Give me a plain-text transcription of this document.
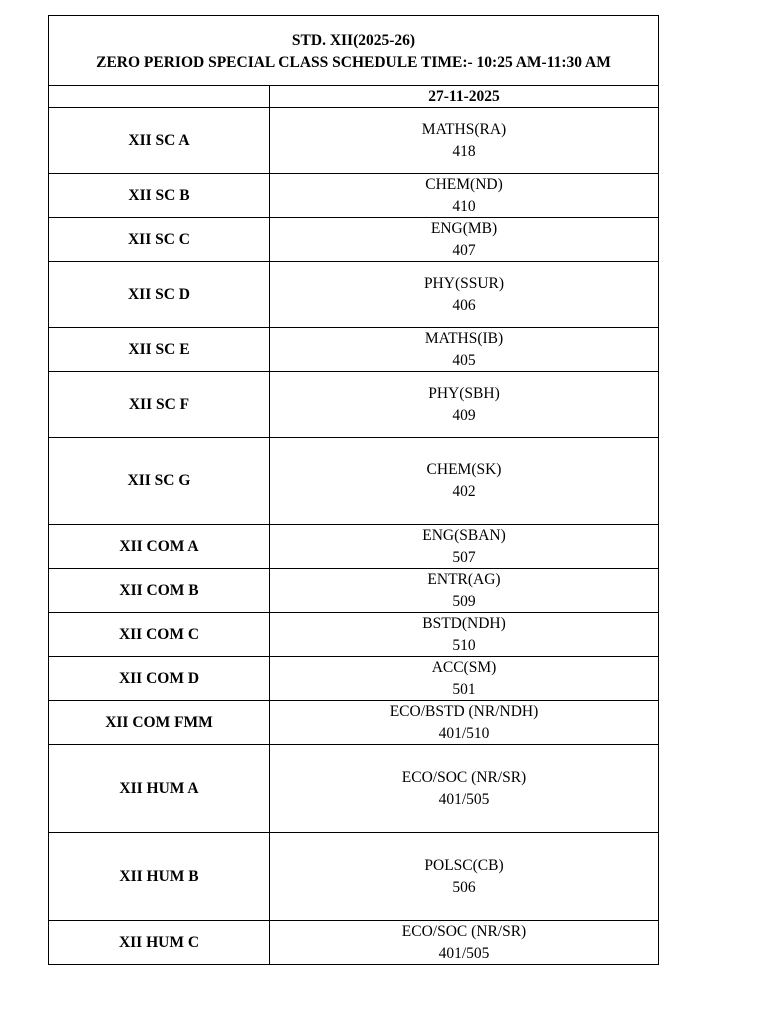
STD. XII(2025-26)
ZERO PERIOD SPECIAL CLASS SCHEDULE TIME:- 10:25 AM-11:30 AM
27-11-2025
XII SC A
MATHS(RA)
418
XII SC B
CHEM(ND)
410
XII SC C
ENG(MB)
407
XII SC D
PHY(SSUR)
406
XII SC E
MATHS(IB)
405
XII SC F
PHY(SBH)
409
XII SC G
CHEM(SK)
402
XII COM A
ENG(SBAN)
507
XII COM B
ENTR(AG)
509
XII COM C
BSTD(NDH)
510
XII COM D
ACC(SM)
501
XII COM FMM
ECO/BSTD (NR/NDH)
401/510
XII HUM A
ECO/SOC (NR/SR)
401/505
XII HUM B
POLSC(CB)
506
XII HUM C
ECO/SOC (NR/SR)
401/505
